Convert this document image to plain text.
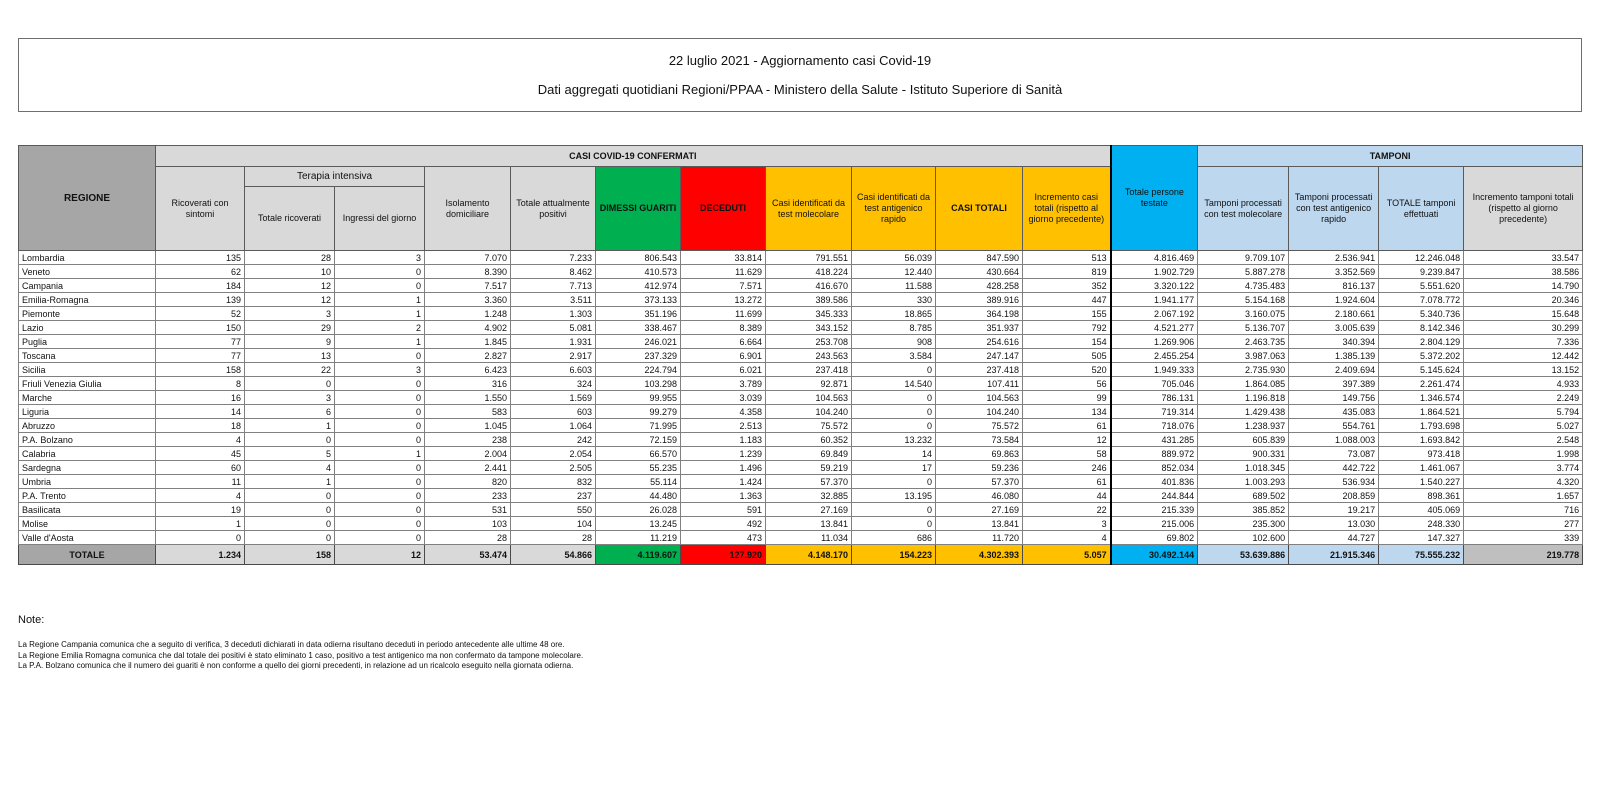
22 luglio 2021 - Aggiornamento casi Covid-19
Dati aggregati quotidiani Regioni/PPAA - Ministero della Salute - Istituto Superiore di Sanità
REGIONE	CASI COVID-19 CONFERMATI											Totale persone testate	TAMPONI			
	Ricoverati con sintomi	Terapia intensiva		Isolamento domiciliare	Totale attualmente positivi	DIMESSI GUARITI	DECEDUTI	Casi identificati da test molecolare	Casi identificati da test antigenico rapido	CASI TOTALI	Incremento casi totali (rispetto al giorno precedente)		Tamponi processati con test molecolare	Tamponi processati con test antigenico rapido	TOTALE tamponi effettuati	Incremento tamponi totali (rispetto al giorno precedente)
		Totale ricoverati	Ingressi del giorno													
Lombardia	135	28	3	7.070	7.233	806.543	33.814	791.551	56.039	847.590	513	4.816.469	9.709.107	2.536.941	12.246.048	33.547
Veneto	62	10	0	8.390	8.462	410.573	11.629	418.224	12.440	430.664	819	1.902.729	5.887.278	3.352.569	9.239.847	38.586
Campania	184	12	0	7.517	7.713	412.974	7.571	416.670	11.588	428.258	352	3.320.122	4.735.483	816.137	5.551.620	14.790
Emilia-Romagna	139	12	1	3.360	3.511	373.133	13.272	389.586	330	389.916	447	1.941.177	5.154.168	1.924.604	7.078.772	20.346
Piemonte	52	3	1	1.248	1.303	351.196	11.699	345.333	18.865	364.198	155	2.067.192	3.160.075	2.180.661	5.340.736	15.648
Lazio	150	29	2	4.902	5.081	338.467	8.389	343.152	8.785	351.937	792	4.521.277	5.136.707	3.005.639	8.142.346	30.299
Puglia	77	9	1	1.845	1.931	246.021	6.664	253.708	908	254.616	154	1.269.906	2.463.735	340.394	2.804.129	7.336
Toscana	77	13	0	2.827	2.917	237.329	6.901	243.563	3.584	247.147	505	2.455.254	3.987.063	1.385.139	5.372.202	12.442
Sicilia	158	22	3	6.423	6.603	224.794	6.021	237.418	0	237.418	520	1.949.333	2.735.930	2.409.694	5.145.624	13.152
Friuli Venezia Giulia	8	0	0	316	324	103.298	3.789	92.871	14.540	107.411	56	705.046	1.864.085	397.389	2.261.474	4.933
Marche	16	3	0	1.550	1.569	99.955	3.039	104.563	0	104.563	99	786.131	1.196.818	149.756	1.346.574	2.249
Liguria	14	6	0	583	603	99.279	4.358	104.240	0	104.240	134	719.314	1.429.438	435.083	1.864.521	5.794
Abruzzo	18	1	0	1.045	1.064	71.995	2.513	75.572	0	75.572	61	718.076	1.238.937	554.761	1.793.698	5.027
P.A. Bolzano	4	0	0	238	242	72.159	1.183	60.352	13.232	73.584	12	431.285	605.839	1.088.003	1.693.842	2.548
Calabria	45	5	1	2.004	2.054	66.570	1.239	69.849	14	69.863	58	889.972	900.331	73.087	973.418	1.998
Sardegna	60	4	0	2.441	2.505	55.235	1.496	59.219	17	59.236	246	852.034	1.018.345	442.722	1.461.067	3.774
Umbria	11	1	0	820	832	55.114	1.424	57.370	0	57.370	61	401.836	1.003.293	536.934	1.540.227	4.320
P.A. Trento	4	0	0	233	237	44.480	1.363	32.885	13.195	46.080	44	244.844	689.502	208.859	898.361	1.657
Basilicata	19	0	0	531	550	26.028	591	27.169	0	27.169	22	215.339	385.852	19.217	405.069	716
Molise	1	0	0	103	104	13.245	492	13.841	0	13.841	3	215.006	235.300	13.030	248.330	277
Valle d'Aosta	0	0	0	28	28	11.219	473	11.034	686	11.720	4	69.802	102.600	44.727	147.327	339
TOTALE	1.234	158	12	53.474	54.866	4.119.607	127.920	4.148.170	154.223	4.302.393	5.057	30.492.144	53.639.886	21.915.346	75.555.232	219.778
Note:
La Regione Campania comunica che a seguito di verifica, 3 deceduti dichiarati in data odierna risultano deceduti in periodo antecedente alle ultime 48 ore.
La Regione Emilia Romagna comunica che dal totale dei positivi è stato eliminato 1 caso, positivo a test antigenico ma non confermato da tampone molecolare.
La P.A. Bolzano comunica che il numero dei guariti è non conforme a quello dei giorni precedenti, in relazione ad un ricalcolo eseguito nella giornata odierna.
